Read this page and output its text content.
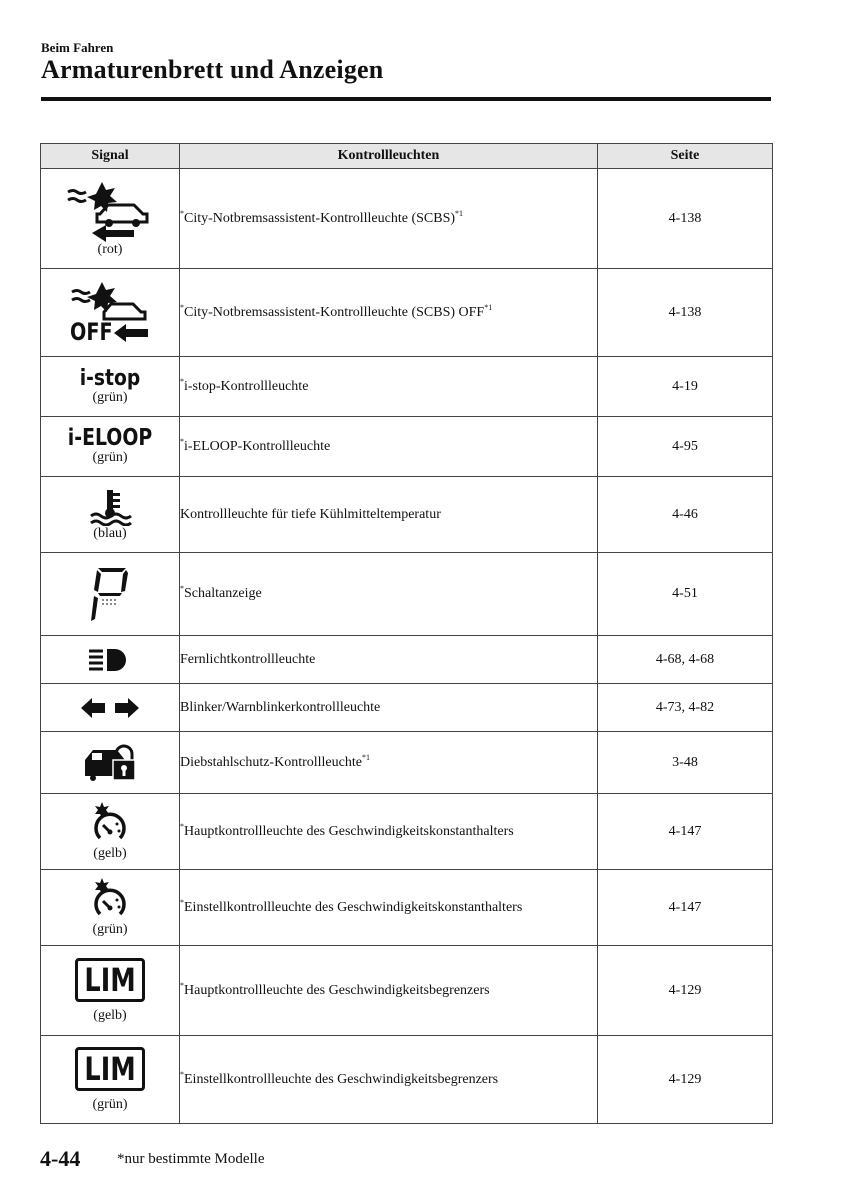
Beim Fahren
Armaturenbrett und Anzeigen
Signal	Kontrollleuchten	Seite

(rot)	*City-Notbremsassistent-Kontrollleuchte (SCBS)$^{*1}$	4-138

OFF	*City-Notbremsassistent-Kontrollleuchte (SCBS) OFF$^{*1}$	4-138

i-stop
(grün)	*i-stop-Kontrollleuchte	4-19

i-ELOOP
(grün)	*i-ELOOP-Kontrollleuchte	4-95

(blau)	Kontrollleuchte für tiefe Kühlmitteltemperatur	4-46

	*Schaltanzeige	4-51

	Fernlichtkontrollleuchte	4-68, 4-68

	Blinker/Warnblinkerkontrollleuchte	4-73, 4-82

	Diebstahlschutz-Kontrollleuchte$^{*1}$	3-48

(gelb)	*Hauptkontrollleuchte des Geschwindigkeitskonstanthalters	4-147

(grün)	*Einstellkontrollleuchte des Geschwindigkeitskonstanthalters	4-147

LIM
(gelb)	*Hauptkontrollleuchte des Geschwindigkeitsbegrenzers	4-129

LIM
(grün)	*Einstellkontrollleuchte des Geschwindigkeitsbegrenzers	4-129
4-44 *nur bestimmte Modelle
